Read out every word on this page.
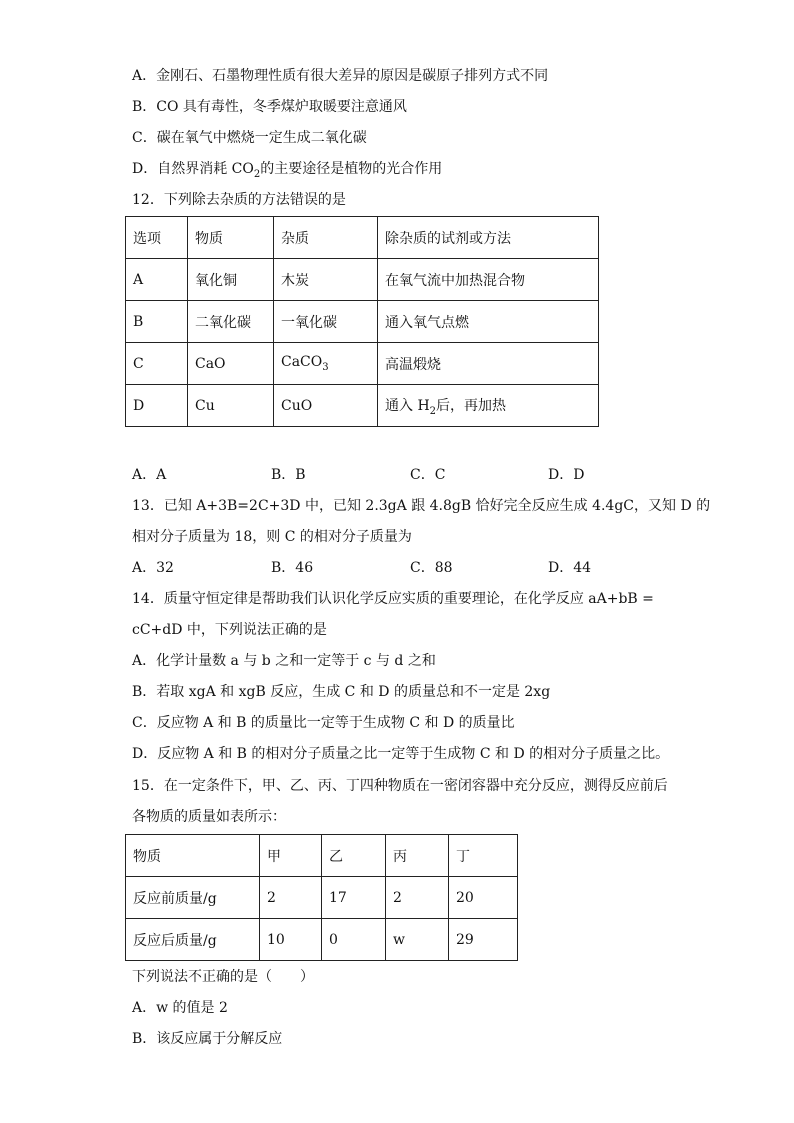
A．金刚石、石墨物理性质有很大差异的原因是碳原子排列方式不同
B．CO 具有毒性，冬季煤炉取暖要注意通风
C．碳在氧气中燃烧一定生成二氧化碳
D．自然界消耗 $CO_2$的主要途径是植物的光合作用
12．下列除去杂质的方法错误的是
选项	物质	杂质	除杂质的试剂或方法
A	氧化铜	木炭	在氧气流中加热混合物
B	二氧化碳	一氧化碳	通入氧气点燃
C	CaO	CaCO$_3$	高温煅烧
D	Cu	CuO	通入 $H_2$后，再加热
A．A	B．B	C．C	D．D
13．已知 A+3B=2C+3D 中，已知 2.3gA 跟 4.8gB 恰好完全反应生成 4.4gC，又知 D 的
相对分子质量为 18，则 C 的相对分子质量为
A．32	B．46	C．88	D．44
14．质量守恒定律是帮助我们认识化学反应实质的重要理论，在化学反应 aA+bB =
cC+dD 中，下列说法正确的是
A．化学计量数 a 与 b 之和一定等于 c 与 d 之和
B．若取 xgA 和 xgB 反应，生成 C 和 D 的质量总和不一定是 2xg
C．反应物 A 和 B 的质量比一定等于生成物 C 和 D 的质量比
D．反应物 A 和 B 的相对分子质量之比一定等于生成物 C 和 D 的相对分子质量之比。
15．在一定条件下，甲、乙、丙、丁四种物质在一密闭容器中充分反应，测得反应前后
各物质的质量如表所示：
物质	甲	乙	丙	丁
反应前质量/g	2	17	2	20
反应后质量/g	10	0	w	29
下列说法不正确的是（　　）
A．w 的值是 2
B．该反应属于分解反应
